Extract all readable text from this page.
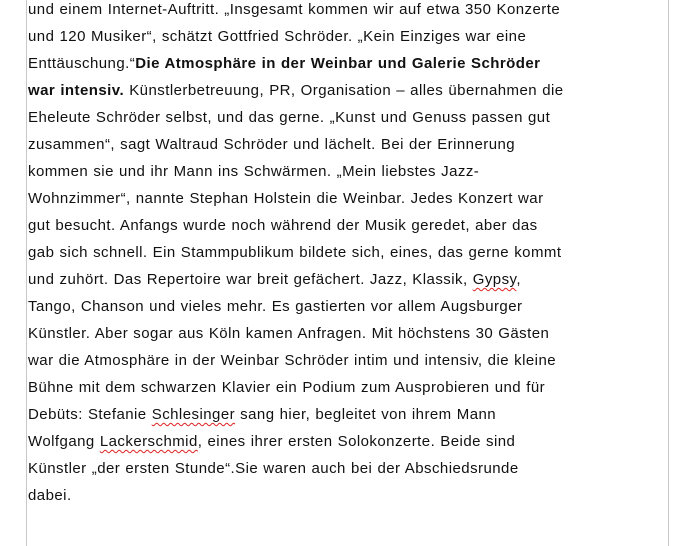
und einem Internet-Auftritt. „Insgesamt kommen wir auf etwa 350 Konzerte
und 120 Musiker“, schätzt Gottfried Schröder. „Kein Einziges war eine
Enttäuschung.“Die Atmosphäre in der Weinbar und Galerie Schröder
war intensiv. Künstlerbetreuung, PR, Organisation – alles übernahmen die
Eheleute Schröder selbst, und das gerne. „Kunst und Genuss passen gut
zusammen“, sagt Waltraud Schröder und lächelt. Bei der Erinnerung
kommen sie und ihr Mann ins Schwärmen. „Mein liebstes Jazz-
Wohnzimmer“, nannte Stephan Holstein die Weinbar. Jedes Konzert war
gut besucht. Anfangs wurde noch während der Musik geredet, aber das
gab sich schnell. Ein Stammpublikum bildete sich, eines, das gerne kommt
und zuhört. Das Repertoire war breit gefächert. Jazz, Klassik, Gypsy,
Tango, Chanson und vieles mehr. Es gastierten vor allem Augsburger
Künstler. Aber sogar aus Köln kamen Anfragen. Mit höchstens 30 Gästen
war die Atmosphäre in der Weinbar Schröder intim und intensiv, die kleine
Bühne mit dem schwarzen Klavier ein Podium zum Ausprobieren und für
Debüts: Stefanie Schlesinger sang hier, begleitet von ihrem Mann
Wolfgang Lackerschmid, eines ihrer ersten Solokonzerte. Beide sind
Künstler „der ersten Stunde“.Sie waren auch bei der Abschiedsrunde
dabei.
